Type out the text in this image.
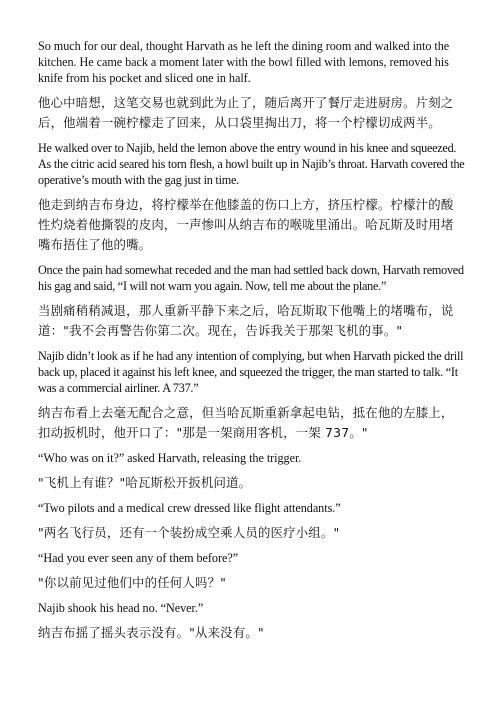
So much for our deal, thought Harvath as he left the dining room and walked into the kitchen. He came back a moment later with the bowl filled with lemons, removed his knife from his pocket and sliced one in half.

他心中暗想，这笔交易也就到此为止了，随后离开了餐厅走进厨房。片刻之后，他端着一碗柠檬走了回来，从口袋里掏出刀，将一个柠檬切成两半。

He walked over to Najib, held the lemon above the entry wound in his knee and squeezed. As the citric acid seared his torn flesh, a howl built up in Najib’s throat. Harvath covered the operative’s mouth with the gag just in time.

他走到纳吉布身边，将柠檬举在他膝盖的伤口上方，挤压柠檬。柠檬汁的酸性灼烧着他撕裂的皮肉，一声惨叫从纳吉布的喉咙里涌出。哈瓦斯及时用堵嘴布捂住了他的嘴。

Once the pain had somewhat receded and the man had settled back down, Harvath removed his gag and said, “I will not warn you again. Now, tell me about the plane.”

当剧痛稍稍减退，那人重新平静下来之后，哈瓦斯取下他嘴上的堵嘴布，说道："我不会再警告你第二次。现在，告诉我关于那架飞机的事。"

Najib didn’t look as if he had any intention of complying, but when Harvath picked the drill back up, placed it against his left knee, and squeezed the trigger, the man started to talk. “It was a commercial airliner. A 737.”

纳吉布看上去毫无配合之意，但当哈瓦斯重新拿起电钻，抵在他的左膝上，扣动扳机时，他开口了："那是一架商用客机，一架 737。"

“Who was on it?” asked Harvath, releasing the trigger.

"飞机上有谁？"哈瓦斯松开扳机问道。

“Two pilots and a medical crew dressed like flight attendants.”

"两名飞行员，还有一个装扮成空乘人员的医疗小组。"

“Had you ever seen any of them before?”

"你以前见过他们中的任何人吗？"

Najib shook his head no. “Never.”

纳吉布摇了摇头表示没有。"从来没有。"
